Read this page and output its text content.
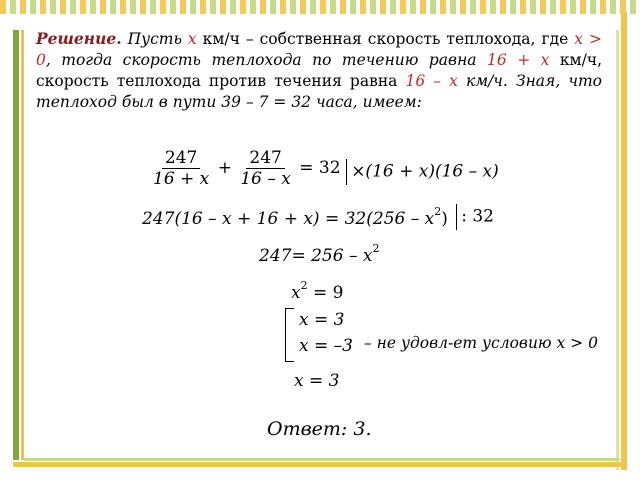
Решение. Пусть x км/ч – собственная скорость теплохода, где x > 0, тогда скорость теплохода по течению равна 16 + x км/ч, скорость теплохода против течения равна 16 – x км/ч. Зная, что теплоход был в пути 39 – 7 = 32 часа, имеем:
$\frac{247}{16 + x} + \frac{247}{16 - x} = 32 \times(16 + x)(16 - x)$
$247(16 - x + 16 + x) = 32(256 - x^2)$ : 32
$247= 256 - x^2$
$x^2 = 9$
x = 3
x = –3 – не удовл-ет условию x > 0
x = 3
Ответ: 3.
